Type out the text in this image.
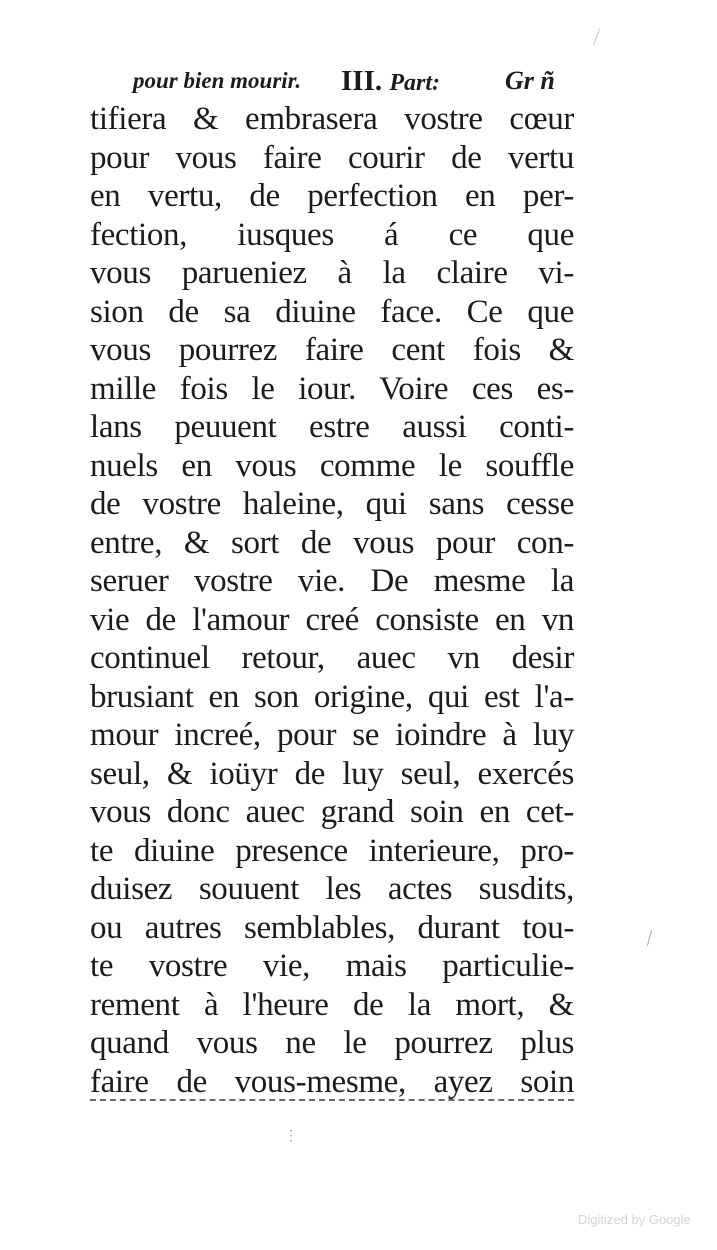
pour bien mourir. III. Part: Gr ñ
tifiera & embrasera vostre cœur
pour vous faire courir de vertu
en vertu, de perfection en per-
fection, iusques á ce que
vous parueniez à la claire vi-
sion de sa diuine face. Ce que
vous pourrez faire cent fois &
mille fois le iour. Voire ces es-
lans peuuent estre aussi conti-
nuels en vous comme le souffle
de vostre haleine, qui sans cesse
entre, & sort de vous pour con-
seruer vostre vie. De mesme la
vie de l'amour creé consiste en vn
continuel retour, auec vn desir
brusiant en son origine, qui est l'a-
mour increé, pour se ioindre à luy
seul, & ioüyr de luy seul, exercés
vous donc auec grand soin en cet-
te diuine presence interieure, pro-
duisez souuent les actes susdits,
ou autres semblables, durant tou-
te vostre vie, mais particulie-
rement à l'heure de la mort, &
quand vous ne le pourrez plus
faire de vous-mesme, ayez soin
⋮
Digitized by Google
